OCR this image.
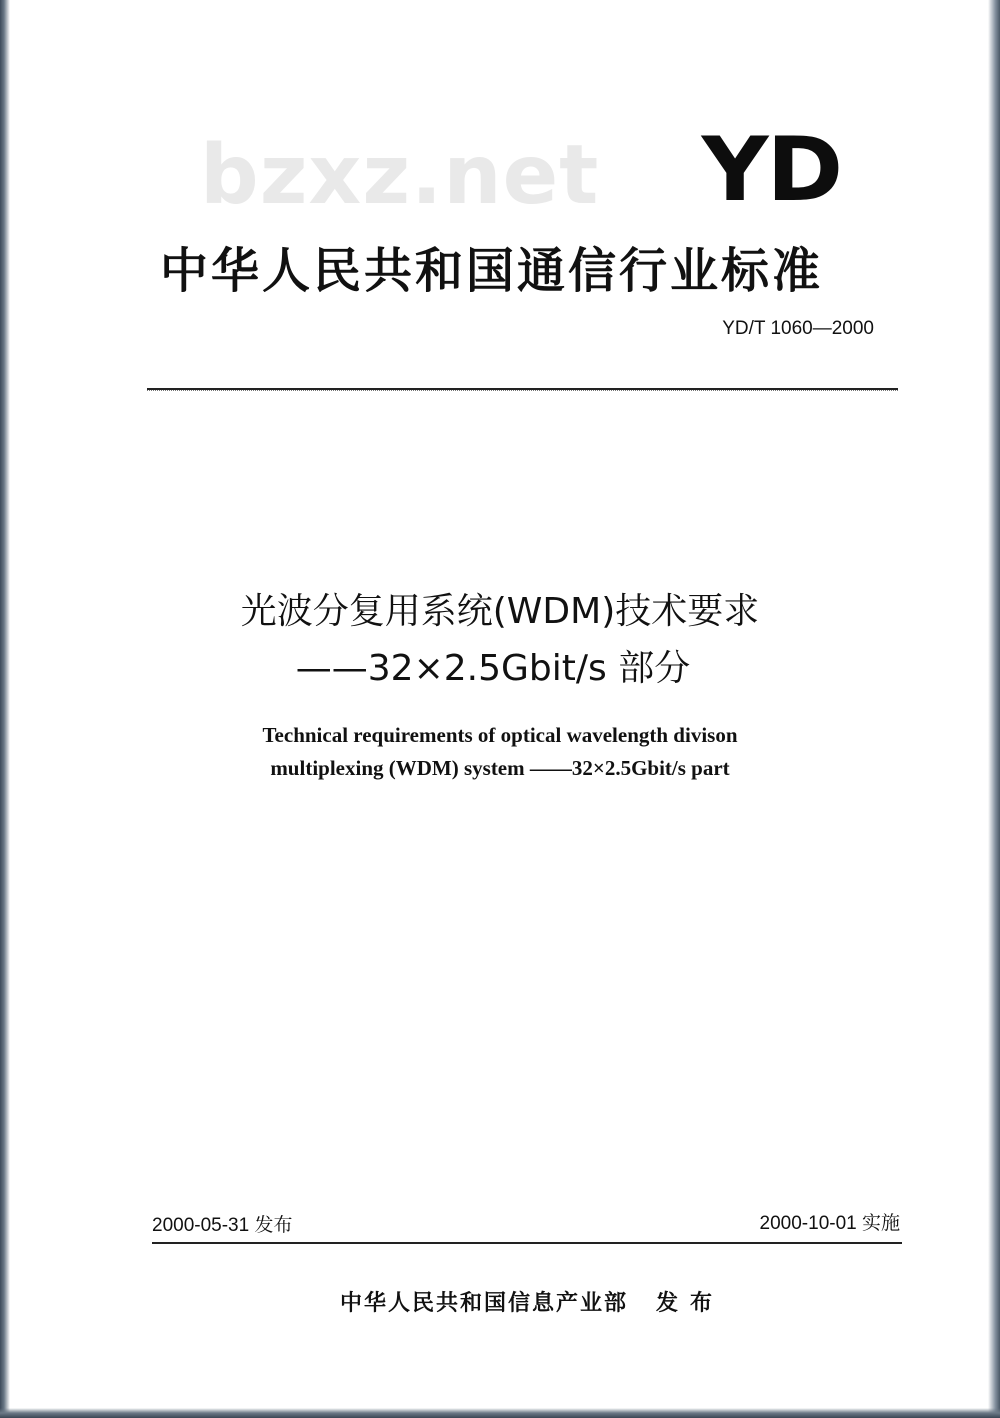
bzxz.net YD
中华人民共和国通信行业标准
YD/T 1060—2000
光波分复用系统(WDM)技术要求
——32×2.5Gbit/s 部分
Technical requirements of optical wavelength divison
multiplexing (WDM) system ——32×2.5Gbit/s part
2000-05-31 发布	2000-10-01 实施
中华人民共和国信息产业部 发布
